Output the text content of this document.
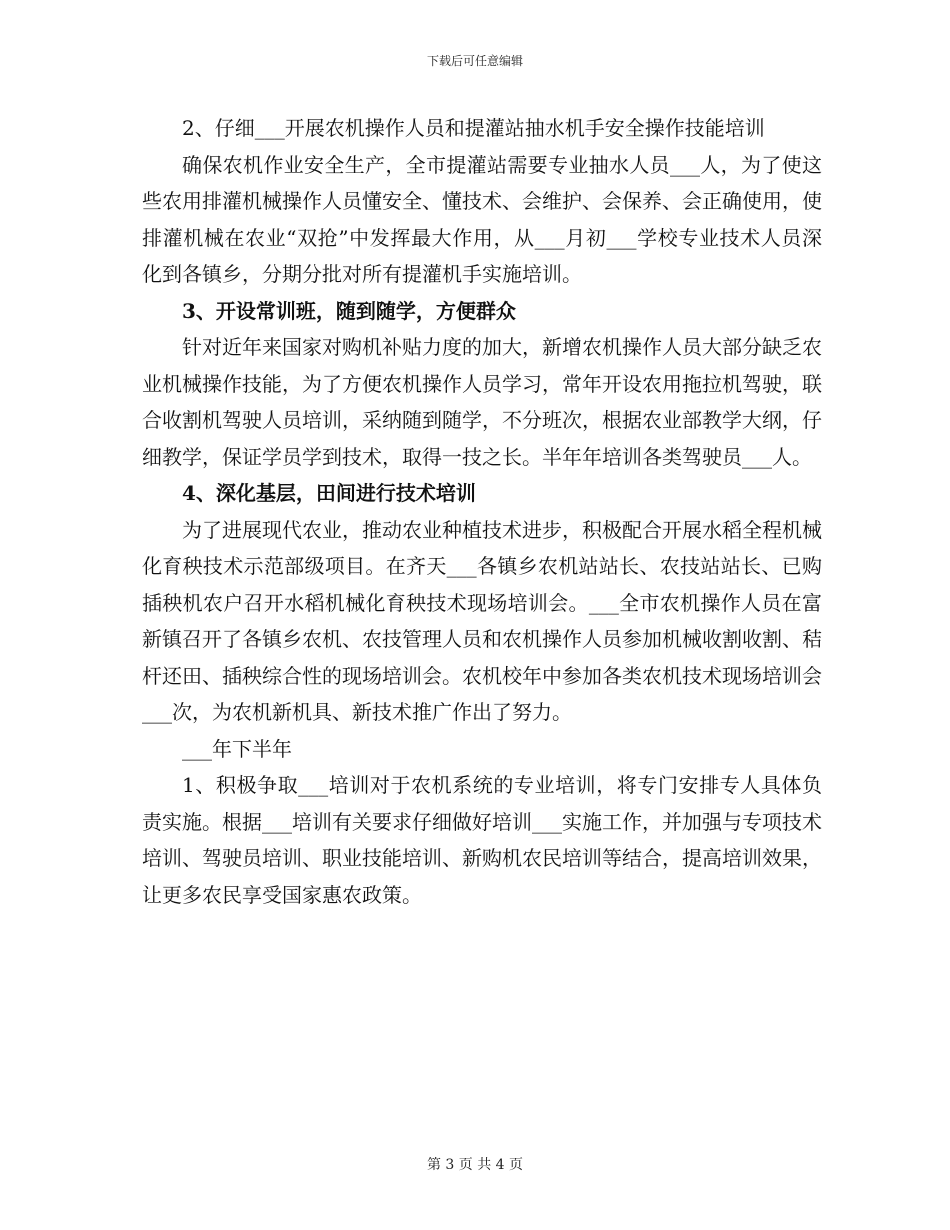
下载后可任意编辑

2、仔细___开展农机操作人员和提灌站抽水机手安全操作技能培训

确保农机作业安全生产，全市提灌站需要专业抽水人员___人，为了使这些农用排灌机械操作人员懂安全、懂技术、会维护、会保养、会正确使用，使排灌机械在农业“双抢”中发挥最大作用，从___月初___学校专业技术人员深化到各镇乡，分期分批对所有提灌机手实施培训。

3、开设常训班，随到随学，方便群众

针对近年来国家对购机补贴力度的加大，新增农机操作人员大部分缺乏农业机械操作技能，为了方便农机操作人员学习，常年开设农用拖拉机驾驶，联合收割机驾驶人员培训，采纳随到随学，不分班次，根据农业部教学大纲，仔细教学，保证学员学到技术，取得一技之长。半年年培训各类驾驶员___人。

4、深化基层，田间进行技术培训

为了进展现代农业，推动农业种植技术进步，积极配合开展水稻全程机械化育秧技术示范部级项目。在齐天___各镇乡农机站站长、农技站站长、已购插秧机农户召开水稻机械化育秧技术现场培训会。___全市农机操作人员在富新镇召开了各镇乡农机、农技管理人员和农机操作人员参加机械收割收割、秸杆还田、插秧综合性的现场培训会。农机校年中参加各类农机技术现场培训会___次，为农机新机具、新技术推广作出了努力。

___年下半年

1、积极争取___培训对于农机系统的专业培训，将专门安排专人具体负责实施。根据___培训有关要求仔细做好培训___实施工作，并加强与专项技术培训、驾驶员培训、职业技能培训、新购机农民培训等结合，提高培训效果，让更多农民享受国家惠农政策。

第 3 页 共 4 页
